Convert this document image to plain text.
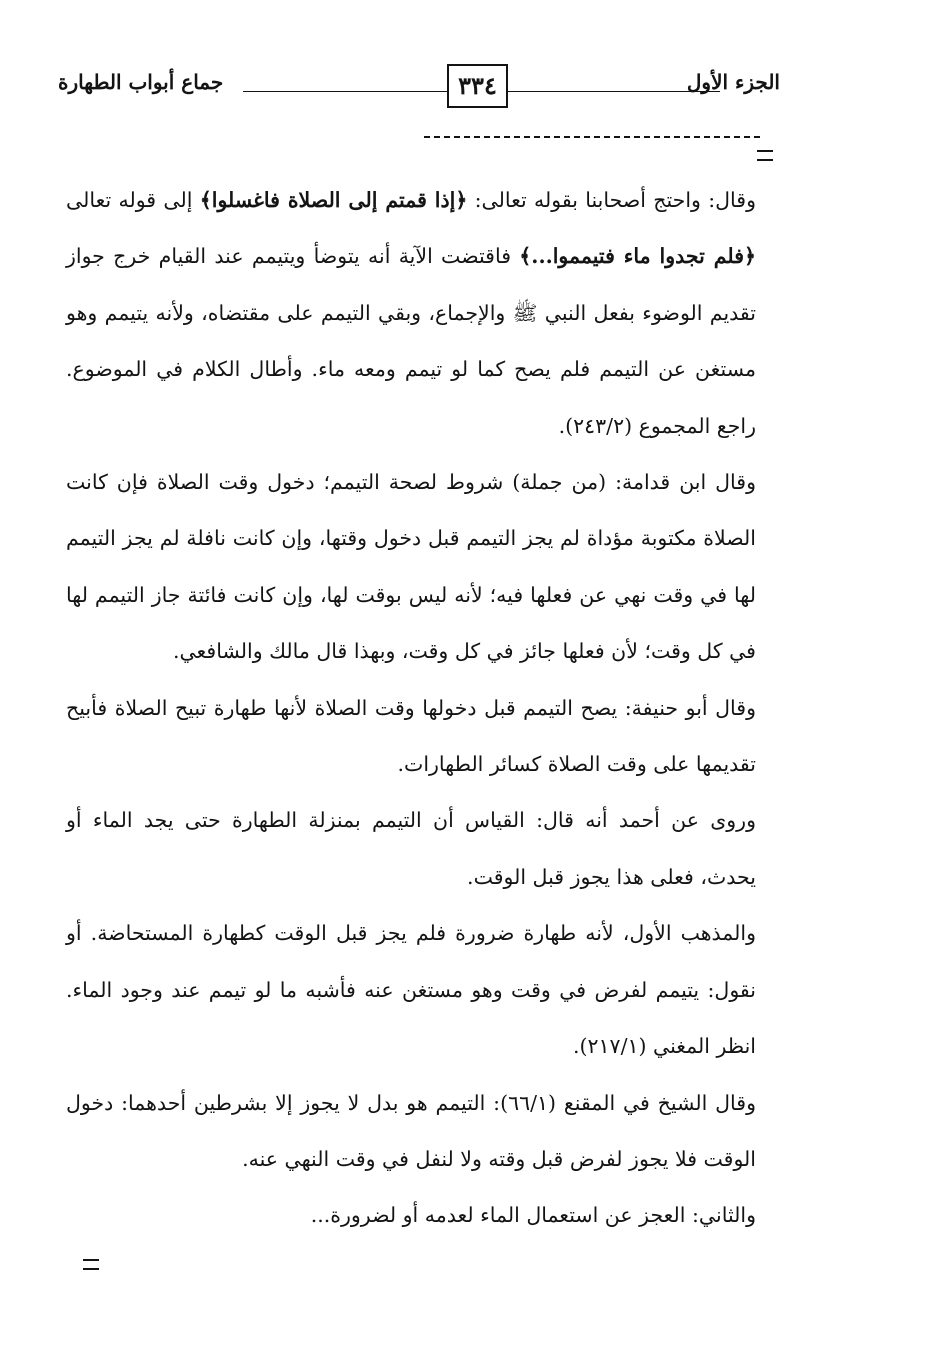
الجزء الأول
٣٣٤
جماع أبواب الطهارة

وقال: واحتج أصحابنا بقوله تعالى: ﴿إذا قمتم إلى الصلاة فاغسلوا﴾ إلى قوله تعالى ﴿فلم تجدوا ماء فتيمموا...﴾ فاقتضت الآية أنه يتوضأ ويتيمم عند القيام خرج جواز تقديم الوضوء بفعل النبي ﷺ والإجماع، وبقي التيمم على مقتضاه، ولأنه يتيمم وهو مستغن عن التيمم فلم يصح كما لو تيمم ومعه ماء. وأطال الكلام في الموضوع. راجع المجموع (٢٤٣/٢).

وقال ابن قدامة: (من جملة) شروط لصحة التيمم؛ دخول وقت الصلاة فإن كانت الصلاة مكتوبة مؤداة لم يجز التيمم قبل دخول وقتها، وإن كانت نافلة لم يجز التيمم لها في وقت نهي عن فعلها فيه؛ لأنه ليس بوقت لها، وإن كانت فائتة جاز التيمم لها في كل وقت؛ لأن فعلها جائز في كل وقت، وبهذا قال مالك والشافعي.

وقال أبو حنيفة: يصح التيمم قبل دخولها وقت الصلاة لأنها طهارة تبيح الصلاة فأبيح تقديمها على وقت الصلاة كسائر الطهارات.

وروى عن أحمد أنه قال: القياس أن التيمم بمنزلة الطهارة حتى يجد الماء أو يحدث، فعلى هذا يجوز قبل الوقت.

والمذهب الأول، لأنه طهارة ضرورة فلم يجز قبل الوقت كطهارة المستحاضة. أو نقول: يتيمم لفرض في وقت وهو مستغن عنه فأشبه ما لو تيمم عند وجود الماء. انظر المغني (٢١٧/١).

وقال الشيخ في المقنع (٦٦/١): التيمم هو بدل لا يجوز إلا بشرطين أحدهما: دخول الوقت فلا يجوز لفرض قبل وقته ولا لنفل في وقت النهي عنه.

والثاني: العجز عن استعمال الماء لعدمه أو لضرورة...
